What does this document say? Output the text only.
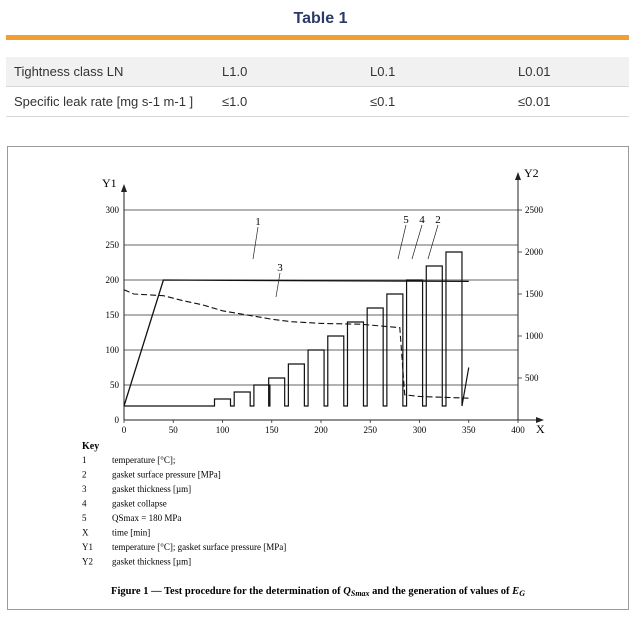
Table 1
Tightness class LN	L1.0	L0.1	L0.01
Specific leak rate [mg s-1 m-1 ]	≤1.0	≤0.1	≤0.01
0
50
100
150
200
250
300
500
1000
1500
2000
2500
0	50	100	150	200	250	300	350	400
Y1
Y2
X
1	2
3
4
5
Key
1	temperature [°C];
2	gasket surface pressure [MPa]
3	gasket thickness [µm]
4	gasket collapse
5	QSmax = 180 MPa
X	time [min]
Y1 temperature [°C]; gasket surface pressure [MPa]
Y2 gasket thickness [µm]
Figure 1 — Test procedure for the determination of QSmax and the generation of values of EG
